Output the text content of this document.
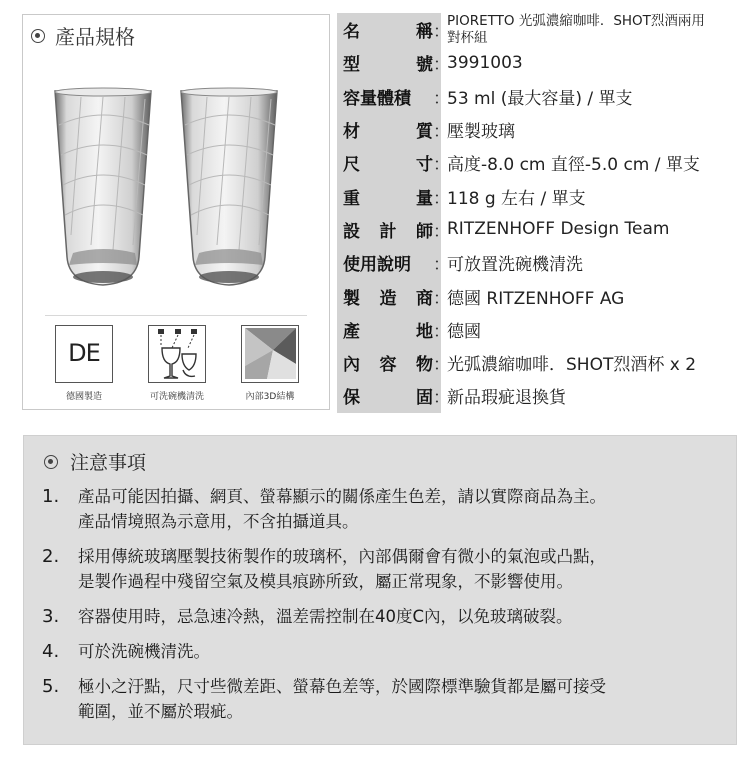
產品規格
DE
德國製造	可洗碗機清洗	內部3D結構
名	稱 ：
PIORETTO 光弧濃縮咖啡．SHOT烈酒兩用對杯組
型	號 ：
3991003
容量體積 ：
53 ml (最大容量) / 單支
材	質 ：
壓製玻璃
尺	寸 ：
高度-8.0 cm 直徑-5.0 cm / 單支
重	量 ：
118 g 左右 / 單支
設 計 師 ：
RITZENHOFF Design Team
使用說明 ：
可放置洗碗機清洗
製 造 商 ：
德國 RITZENHOFF AG
產	地 ：
德國
內 容 物 ：
光弧濃縮咖啡．SHOT烈酒杯 x 2
保	固 ：
新品瑕疵退換貨
注意事項
1.	產品可能因拍攝、網頁、螢幕顯示的關係產生色差，請以實際商品為主。
產品情境照為示意用，不含拍攝道具。
2.	採用傳統玻璃壓製技術製作的玻璃杯，內部偶爾會有微小的氣泡或凸點，
是製作過程中殘留空氣及模具痕跡所致，屬正常現象，不影響使用。
3.	容器使用時，忌急速冷熱，溫差需控制在40度C內，以免玻璃破裂。
4.	可於洗碗機清洗。
5.	極小之汙點，尺寸些微差距、螢幕色差等，於國際標準驗貨都是屬可接受
範圍，並不屬於瑕疵。
